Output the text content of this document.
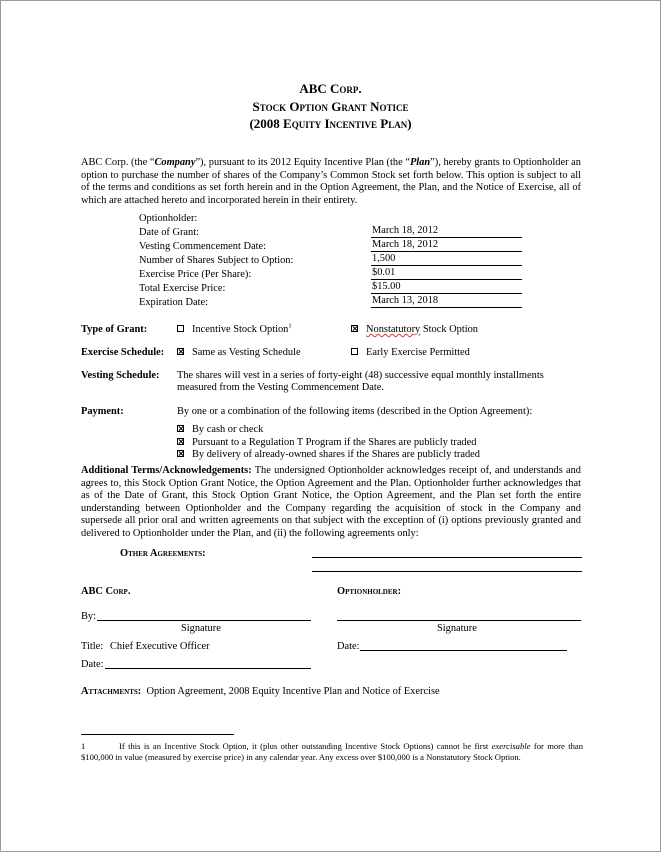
ABC Corp.
Stock Option Grant Notice
(2008 Equity Incentive Plan)
ABC Corp. (the “Company”), pursuant to its 2012 Equity Incentive Plan (the “Plan”), hereby grants to Optionholder an option to purchase the number of shares of the Company’s Common Stock set forth below. This option is subject to all of the terms and conditions as set forth herein and in the Option Agreement, the Plan, and the Notice of Exercise, all of which are attached hereto and incorporated herein in their entirety.
Optionholder:
Date of Grant:	March 18, 2012
Vesting Commencement Date:	March 18, 2012
Number of Shares Subject to Option:	1,500
Exercise Price (Per Share):	$0.01
Total Exercise Price:	$15.00
Expiration Date:	March 13, 2018
Type of Grant:	Incentive Stock Option$^1$	Nonstatutory Stock Option
Exercise Schedule:	Same as Vesting Schedule	Early Exercise Permitted
Vesting Schedule: The shares will vest in a series of forty-eight (48) successive equal monthly installments
measured from the Vesting Commencement Date.
Payment:	By one or a combination of the following items (described in the Option Agreement):
By cash or check
Pursuant to a Regulation T Program if the Shares are publicly traded
By delivery of already-owned shares if the Shares are publicly traded
Additional Terms/Acknowledgements: The undersigned Optionholder acknowledges receipt of, and understands and agrees to, this Stock Option Grant Notice, the Option Agreement and the Plan. Optionholder further acknowledges that as of the Date of Grant, this Stock Option Grant Notice, the Option Agreement, and the Plan set forth the entire understanding between Optionholder and the Company regarding the acquisition of stock in the Company and supersede all prior oral and written agreements on that subject with the exception of (i) options previously granted and delivered to Optionholder under the Plan, and (ii) the following agreements only:
Other Agreements:
ABC Corp.	Optionholder:
By:
Signature	Signature
Title: Chief Executive Officer	Date:
Date:
Attachments: Option Agreement, 2008 Equity Incentive Plan and Notice of Exercise
1	If this is an Incentive Stock Option, it (plus other outstanding Incentive Stock Options) cannot be first exercisable for more than $100,000 in value (measured by exercise price) in any calendar year. Any excess over $100,000 is a Nonstatutory Stock Option.
